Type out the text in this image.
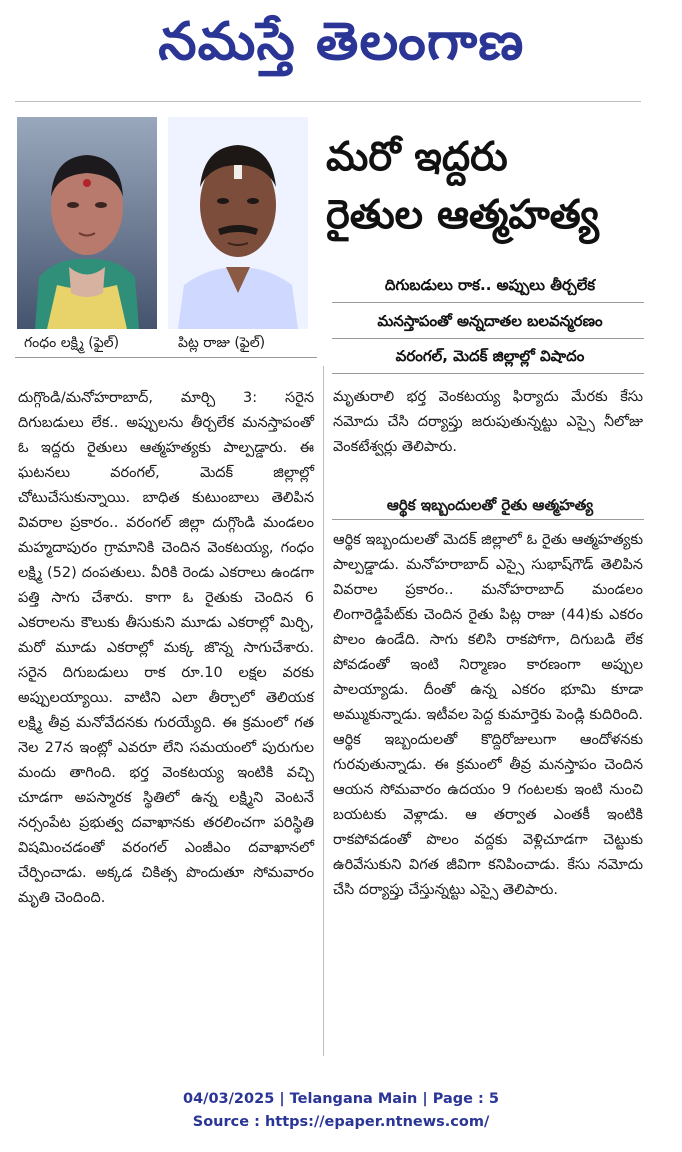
నమస్తే తెలంగాణ
గంధం లక్ష్మి (ఫైల్)	పిట్ల రాజు (ఫైల్)
మరో ఇద్దరు
రైతుల ఆత్మహత్య
దిగుబడులు రాక.. అప్పులు తీర్చలేక
మనస్తాపంతో అన్నదాతల బలవన్మరణం
వరంగల్‌, మెదక్‌ జిల్లాల్లో విషాదం

దుగ్గొండి/మనోహరాబాద్‌, మార్చి 3: సరైన దిగుబడులు లేక.. అప్పులను తీర్చలేక మనస్తాపంతో ఓ ఇద్దరు రైతులు ఆత్మహత్యకు పాల్పడ్డారు. ఈ ఘటనలు వరంగల్‌, మెదక్‌ జిల్లాల్లో చోటుచేసుకున్నాయి. బాధిత కుటుంబాలు తెలిపిన వివరాల ప్రకారం.. వరంగల్‌ జిల్లా దుగ్గొండి మండలం మహ్మదాపురం గ్రామానికి చెందిన వెంకటయ్య, గంధం లక్ష్మి (52) దంపతులు. వీరికి రెండు ఎకరాలు ఉండగా పత్తి సాగు చేశారు. కాగా ఓ రైతుకు చెందిన 6 ఎకరాలను కౌలుకు తీసుకుని మూడు ఎకరాల్లో మిర్చి, మరో మూడు ఎకరాల్లో మక్క జొన్న సాగుచేశారు. సరైన దిగుబడులు రాక రూ.10 లక్షల వరకు అప్పులయ్యాయి. వాటిని ఎలా తీర్చాలో తెలియక లక్ష్మి తీవ్ర మనోవేదనకు గురయ్యేది. ఈ క్రమంలో గత నెల 27న ఇంట్లో ఎవరూ లేని సమయంలో పురుగుల మందు తాగింది. భర్త వెంకటయ్య ఇంటికి వచ్చి చూడగా అపస్మారక స్థితిలో ఉన్న లక్ష్మిని వెంటనే నర్సంపేట ప్రభుత్వ దవాఖానకు తరలించగా పరిస్థితి విషమించడంతో వరంగల్‌ ఎంజీఎం దవాఖానలో చేర్పించాడు. అక్కడ చికిత్స పొందుతూ సోమవారం మృతి చెందింది.

మృతురాలి భర్త వెంకటయ్య ఫిర్యాదు మేరకు కేసు నమోదు చేసి దర్యాప్తు జరుపుతున్నట్టు ఎస్సై నీలోజు వెంకటేశ్వర్లు తెలిపారు.

ఆర్థిక ఇబ్బందులతో రైతు ఆత్మహత్య

ఆర్థిక ఇబ్బందులతో మెదక్‌ జిల్లాలో ఓ రైతు ఆత్మహత్యకు పాల్పడ్డాడు. మనోహరాబాద్‌ ఎస్సై సుభాష్‌గౌడ్‌ తెలిపిన వివరాల ప్రకారం.. మనోహరాబాద్‌ మండలం లింగారెడ్డిపేట్‌కు చెందిన రైతు పిట్ల రాజు (44)కు ఎకరం పొలం ఉండేది. సాగు కలిసి రాకపోగా, దిగుబడి లేక పోవడంతో ఇంటి నిర్మాణం కారణంగా అప్పుల పాలయ్యాడు. దీంతో ఉన్న ఎకరం భూమి కూడా అమ్ముకున్నాడు. ఇటీవల పెద్ద కుమార్తెకు పెండ్లి కుదిరింది. ఆర్థిక ఇబ్బందులతో కొద్దిరోజులుగా ఆందోళనకు గురవుతున్నాడు. ఈ క్రమంలో తీవ్ర మనస్తాపం చెందిన ఆయన సోమవారం ఉదయం 9 గంటలకు ఇంటి నుంచి బయటకు వెళ్లాడు. ఆ తర్వాత ఎంతకీ ఇంటికి రాకపోవడంతో పొలం వద్దకు వెళ్లిచూడగా చెట్టుకు ఉరివేసుకుని విగత జీవిగా కనిపించాడు. కేసు నమోదు చేసి దర్యాప్తు చేస్తున్నట్టు ఎస్సై తెలిపారు.

04/03/2025 | Telangana Main | Page : 5
Source : https://epaper.ntnews.com/
